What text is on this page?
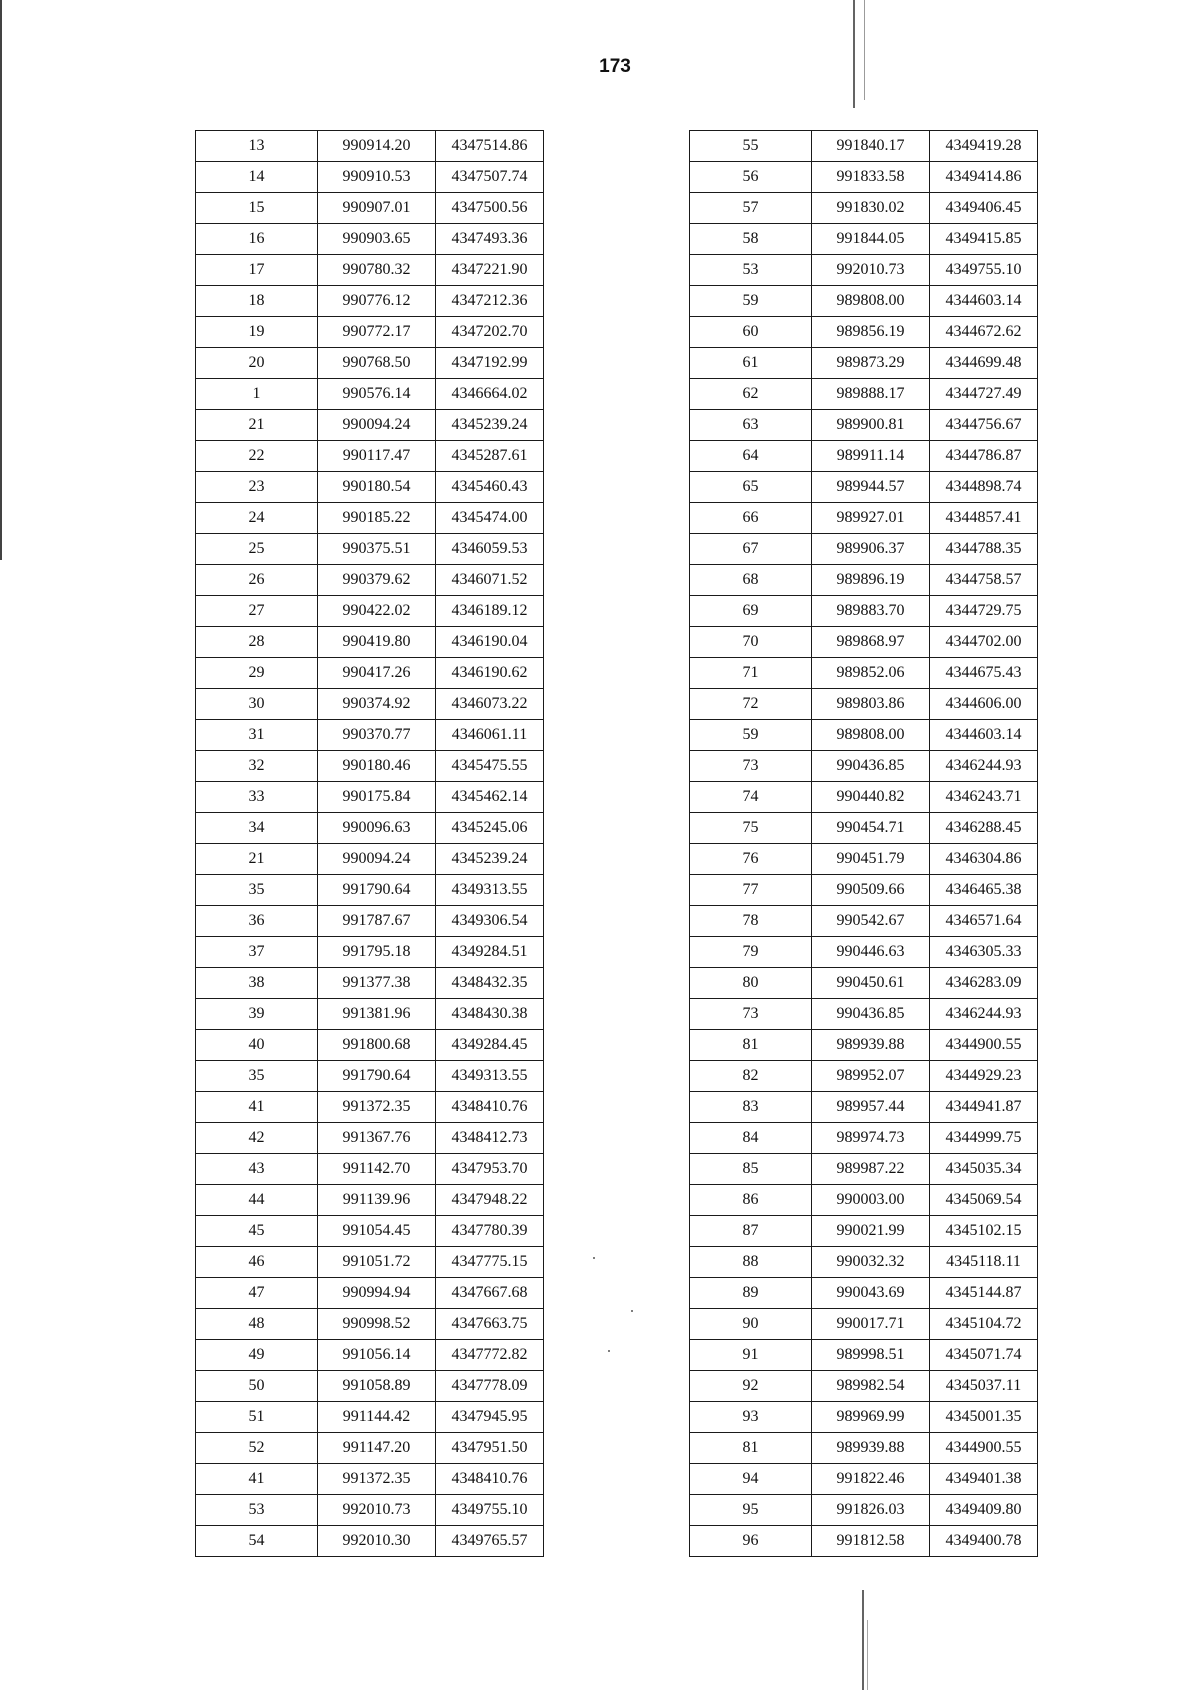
173
13	990914.20	4347514.86
14	990910.53	4347507.74
15	990907.01	4347500.56
16	990903.65	4347493.36
17	990780.32	4347221.90
18	990776.12	4347212.36
19	990772.17	4347202.70
20	990768.50	4347192.99
1	990576.14	4346664.02
21	990094.24	4345239.24
22	990117.47	4345287.61
23	990180.54	4345460.43
24	990185.22	4345474.00
25	990375.51	4346059.53
26	990379.62	4346071.52
27	990422.02	4346189.12
28	990419.80	4346190.04
29	990417.26	4346190.62
30	990374.92	4346073.22
31	990370.77	4346061.11
32	990180.46	4345475.55
33	990175.84	4345462.14
34	990096.63	4345245.06
21	990094.24	4345239.24
35	991790.64	4349313.55
36	991787.67	4349306.54
37	991795.18	4349284.51
38	991377.38	4348432.35
39	991381.96	4348430.38
40	991800.68	4349284.45
35	991790.64	4349313.55
41	991372.35	4348410.76
42	991367.76	4348412.73
43	991142.70	4347953.70
44	991139.96	4347948.22
45	991054.45	4347780.39
46	991051.72	4347775.15
47	990994.94	4347667.68
48	990998.52	4347663.75
49	991056.14	4347772.82
50	991058.89	4347778.09
51	991144.42	4347945.95
52	991147.20	4347951.50
41	991372.35	4348410.76
53	992010.73	4349755.10
54	992010.30	4349765.57
55	991840.17	4349419.28
56	991833.58	4349414.86
57	991830.02	4349406.45
58	991844.05	4349415.85
53	992010.73	4349755.10
59	989808.00	4344603.14
60	989856.19	4344672.62
61	989873.29	4344699.48
62	989888.17	4344727.49
63	989900.81	4344756.67
64	989911.14	4344786.87
65	989944.57	4344898.74
66	989927.01	4344857.41
67	989906.37	4344788.35
68	989896.19	4344758.57
69	989883.70	4344729.75
70	989868.97	4344702.00
71	989852.06	4344675.43
72	989803.86	4344606.00
59	989808.00	4344603.14
73	990436.85	4346244.93
74	990440.82	4346243.71
75	990454.71	4346288.45
76	990451.79	4346304.86
77	990509.66	4346465.38
78	990542.67	4346571.64
79	990446.63	4346305.33
80	990450.61	4346283.09
73	990436.85	4346244.93
81	989939.88	4344900.55
82	989952.07	4344929.23
83	989957.44	4344941.87
84	989974.73	4344999.75
85	989987.22	4345035.34
86	990003.00	4345069.54
87	990021.99	4345102.15
88	990032.32	4345118.11
89	990043.69	4345144.87
90	990017.71	4345104.72
91	989998.51	4345071.74
92	989982.54	4345037.11
93	989969.99	4345001.35
81	989939.88	4344900.55
94	991822.46	4349401.38
95	991826.03	4349409.80
96	991812.58	4349400.78
